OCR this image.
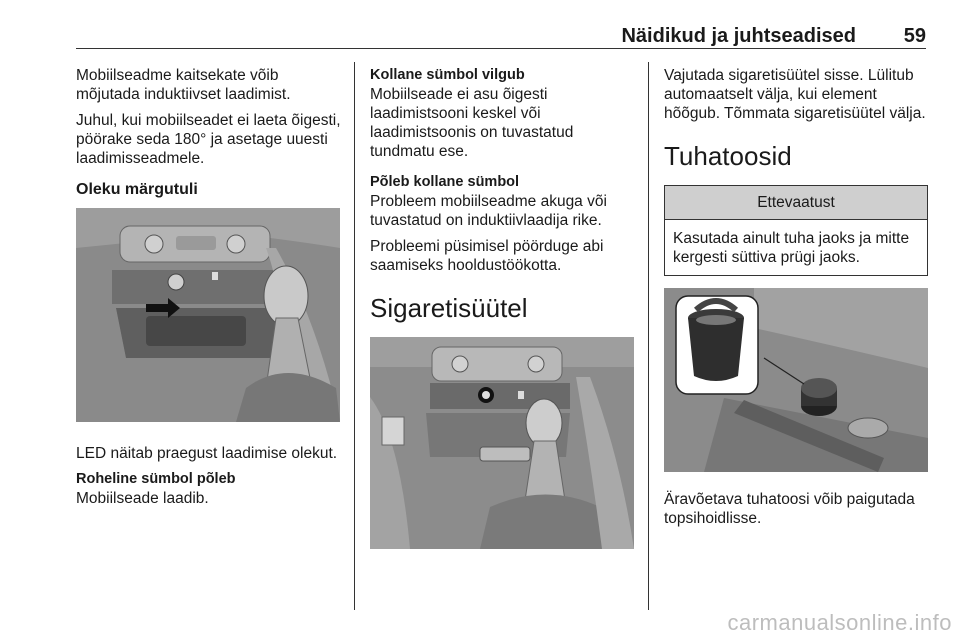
Näidikud ja juhtseadised 59

Mobiilseadme kaitsekate võib mõjutada induktiivset laadimist.

Juhul, kui mobiilseadet ei laeta õigesti, pöörake seda 180° ja asetage uuesti laadimisseadmele.

Oleku märgutuli

LED näitab praegust laadimise olekut.

Roheline sümbol põleb

Mobiilseade laadib.

Kollane sümbol vilgub

Mobiilseade ei asu õigesti laadimistsooni keskel või laadimistsoonis on tuvastatud tundmatu ese.

Põleb kollane sümbol

Probleem mobiilseadme akuga või tuvastatud on induktiivlaadija rike.

Probleemi püsimisel pöörduge abi saamiseks hooldustöökotta.

Sigaretisüütel

Vajutada sigaretisüütel sisse. Lülitub automaatselt välja, kui element hõõgub. Tõmmata sigaretisüütel välja.

Tuhatoosid
Ettevaatust
Kasutada ainult tuha jaoks ja mitte kergesti süttiva prügi jaoks.

Äravõetava tuhatoosi võib paigutada topsihoidlisse.

carmanualsonline.info
